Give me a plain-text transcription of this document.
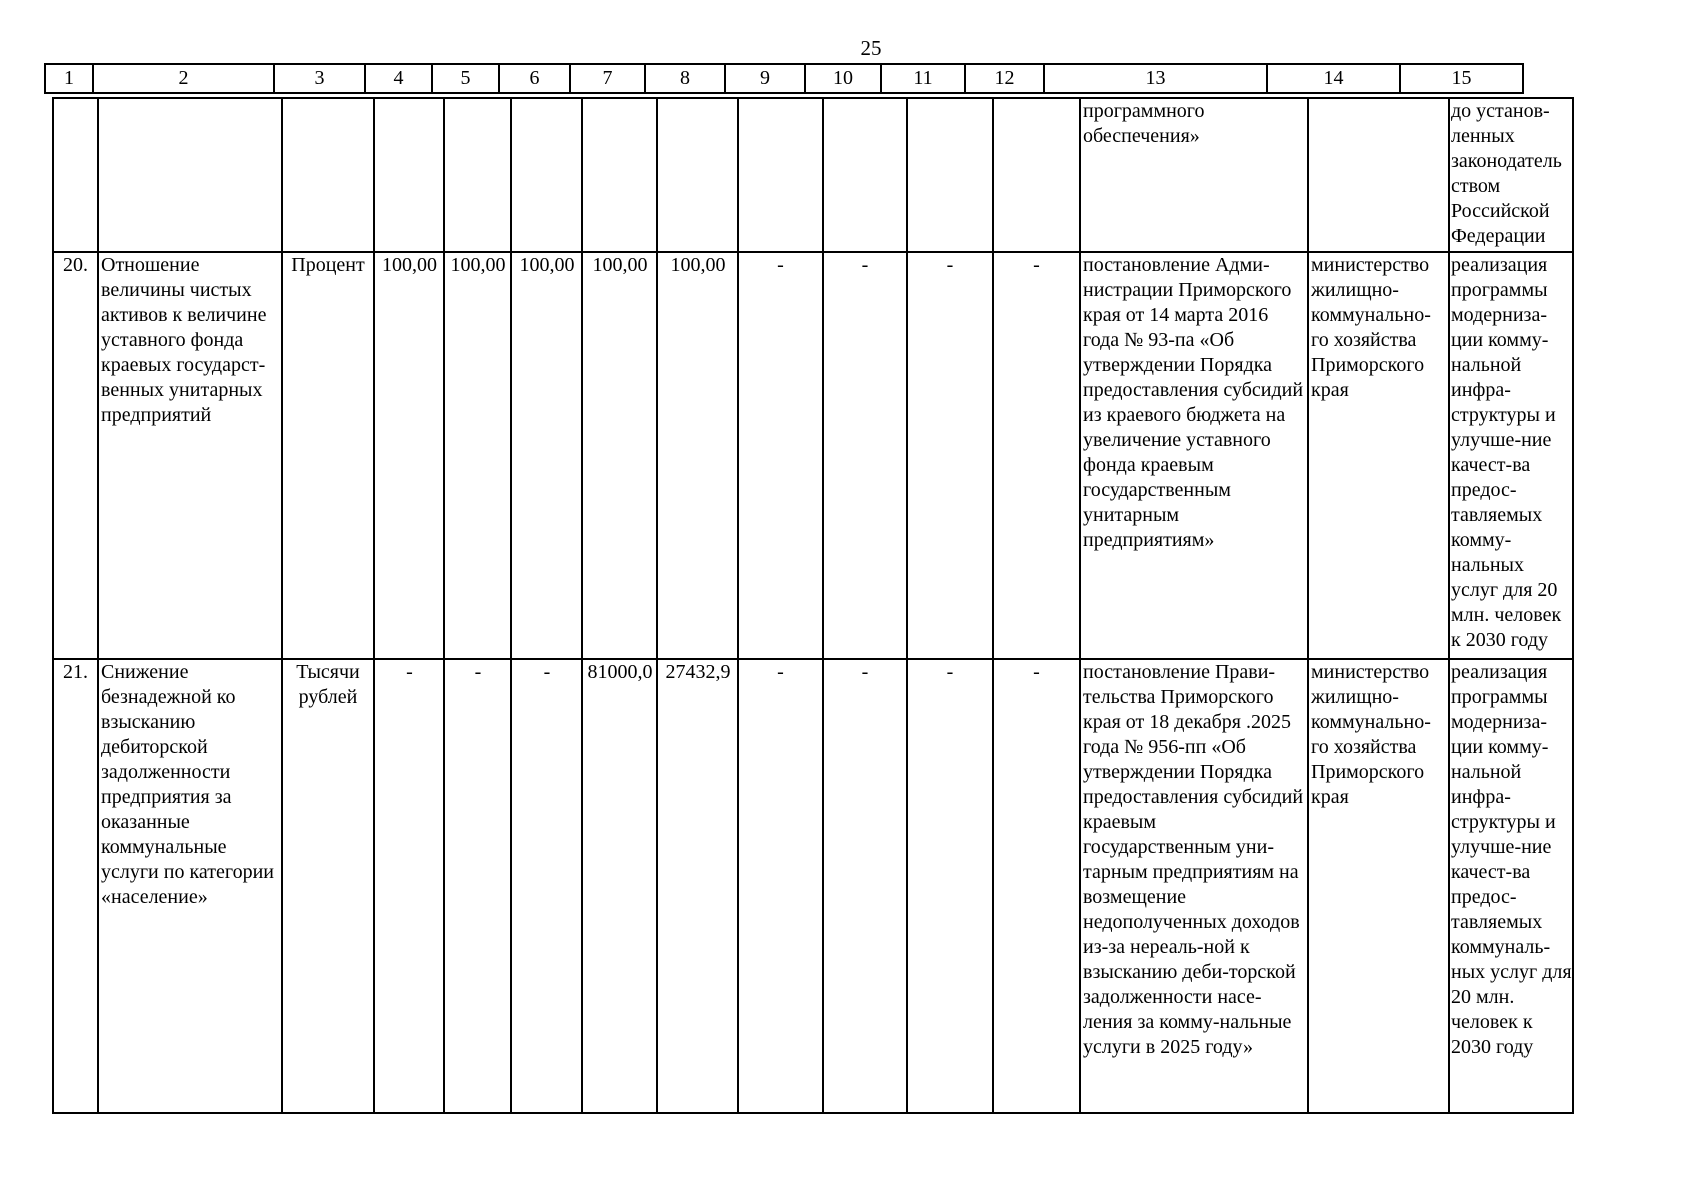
25
1	2	3	4	5	6	7	8	9	10	11	12	13	14	15
												программного обеспечения»		до установ-ленных законодатель ством Российской Федерации
20.	Отношение величины чистых активов к величине уставного фонда краевых государст-венных унитарных предприятий	Процент	100,00	100,00	100,00	100,00	100,00	-	-	-	-	постановление Адми-нистрации Приморского края от 14 марта 2016 года № 93-па «Об утверждении Порядка предоставления субсидий из краевого бюджета на увеличение уставного фонда краевым государственным унитарным предприятиям»	министерство жилищно-коммунально-го хозяйства Приморского края	реализация программы модерниза-ции комму-нальной инфра-структуры и улучше-ние качест-ва предос-тавляемых комму-нальных услуг для 20 млн. человек к 2030 году
21.	Снижение безнадежной ко взысканию дебиторской задолженности предприятия за оказанные коммунальные услуги по категории «население»	Тысячи рублей	-	-	-	81000,0	27432,9	-	-	-	-	постановление Прави-тельства Приморского края от 18 декабря .2025 года № 956-пп «Об утверждении Порядка предоставления субсидий краевым государственным уни-тарным предприятиям на возмещение недополученных доходов из-за нереаль-ной к взысканию деби-торской задолженности насе-ления за комму-нальные услуги в 2025 году»	министерство жилищно-коммунально-го хозяйства Приморского края	реализация программы модерниза-ции комму-нальной инфра-структуры и улучше-ние качест-ва предос-тавляемых коммуналь-ных услуг для 20 млн. человек к 2030 году
